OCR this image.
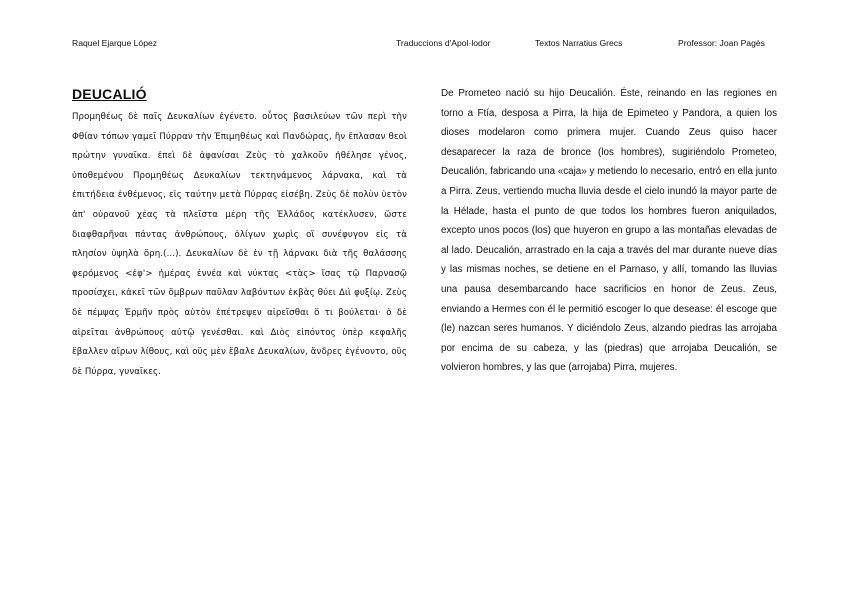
Raquel Ejarque López	Traduccions d'Apol·lodor	Textos Narratius Grecs	Professor: Joan Pagès
DEUCALIÓ

Προμηθέως δὲ παῖς Δευκαλίων ἐγένετο. οὗτος βασιλεύων τῶν περὶ τὴν Φθίαν τόπων γαμεῖ Πύρραν τὴν Ἐπιμηθέως καὶ Πανδώρας, ἣν ἔπλασαν θεοὶ πρώτην γυναῖκα. ἐπεὶ δὲ ἀφανίσαι Ζεὺς τὸ χαλκοῦν ἠθέλησε γένος, ὑποθεμένου Προμηθέως Δευκαλίων τεκτηνάμενος λάρνακα, καὶ τὰ ἐπιτήδεια ἐνθέμενος, εἰς ταύτην μετὰ Πύρρας εἰσέβη. Ζεὺς δὲ πολὺν ὑετὸν ἀπ' οὐρανοῦ χέας τὰ πλεῖστα μέρη τῆς Ἑλλάδος κατέκλυσεν, ὥστε διαφθαρῆναι πάντας ἀνθρώπους, ὀλίγων χωρὶς οἳ συνέφυγον εἰς τὰ πλησίον ὑψηλὰ ὄρη.(...). Δευκαλίων δὲ ἐν τῇ λάρνακι διὰ τῆς θαλάσσης φερόμενος <ἐφ'> ἡμέρας ἐννέα καὶ νύκτας <τὰς> ἴσας τῷ Παρνασῷ προσίσχει, κἀκεῖ τῶν ὄμβρων παῦλαν λαβόντων ἐκβὰς θύει Διὶ φυξίῳ. Ζεὺς δὲ πέμψας Ἑρμῆν πρὸς αὐτὸν ἐπέτρεψεν αἱρεῖσθαι ὅ τι βούλεται· ὁ δὲ αἱρεῖται ἀνθρώπους αὐτῷ γενέσθαι. καὶ Διὸς εἰπόντος ὑπὲρ κεφαλῆς ἔβαλλεν αἴρων λίθους, καὶ οὓς μὲν ἔβαλε Δευκαλίων, ἄνδρες ἐγένοντο, οὓς δὲ Πύρρα, γυναῖκες.

De Prometeo nació su hijo Deucalión. Éste, reinando en las regiones en torno a Ftía, desposa a Pirra, la hija de Epimeteo y Pandora, a quien los dioses modelaron como primera mujer. Cuando Zeus quiso hacer desaparecer la raza de bronce (los hombres), sugiriéndolo Prometeo, Deucalión, fabricando una «caja» y metiendo lo necesario, entró en ella junto a Pirra. Zeus, vertiendo mucha lluvia desde el cielo inundó la mayor parte de la Hélade, hasta el punto de que todos los hombres fueron aniquilados, excepto unos pocos (los) que huyeron en grupo a las montañas elevadas de al lado. Deucalión, arrastrado en la caja a través del mar durante nueve días y las mismas noches, se detiene en el Parnaso, y allí, tomando las lluvias una pausa desembarcando hace sacrificios en honor de Zeus. Zeus, enviando a Hermes con él le permitió escoger lo que desease: él escoge que (le) nazcan seres humanos. Y diciéndolo Zeus, alzando piedras las arrojaba por encima de su cabeza, y las (piedras) que arrojaba Deucalión, se volvieron hombres, y las que (arrojaba) Pirra, mujeres.
